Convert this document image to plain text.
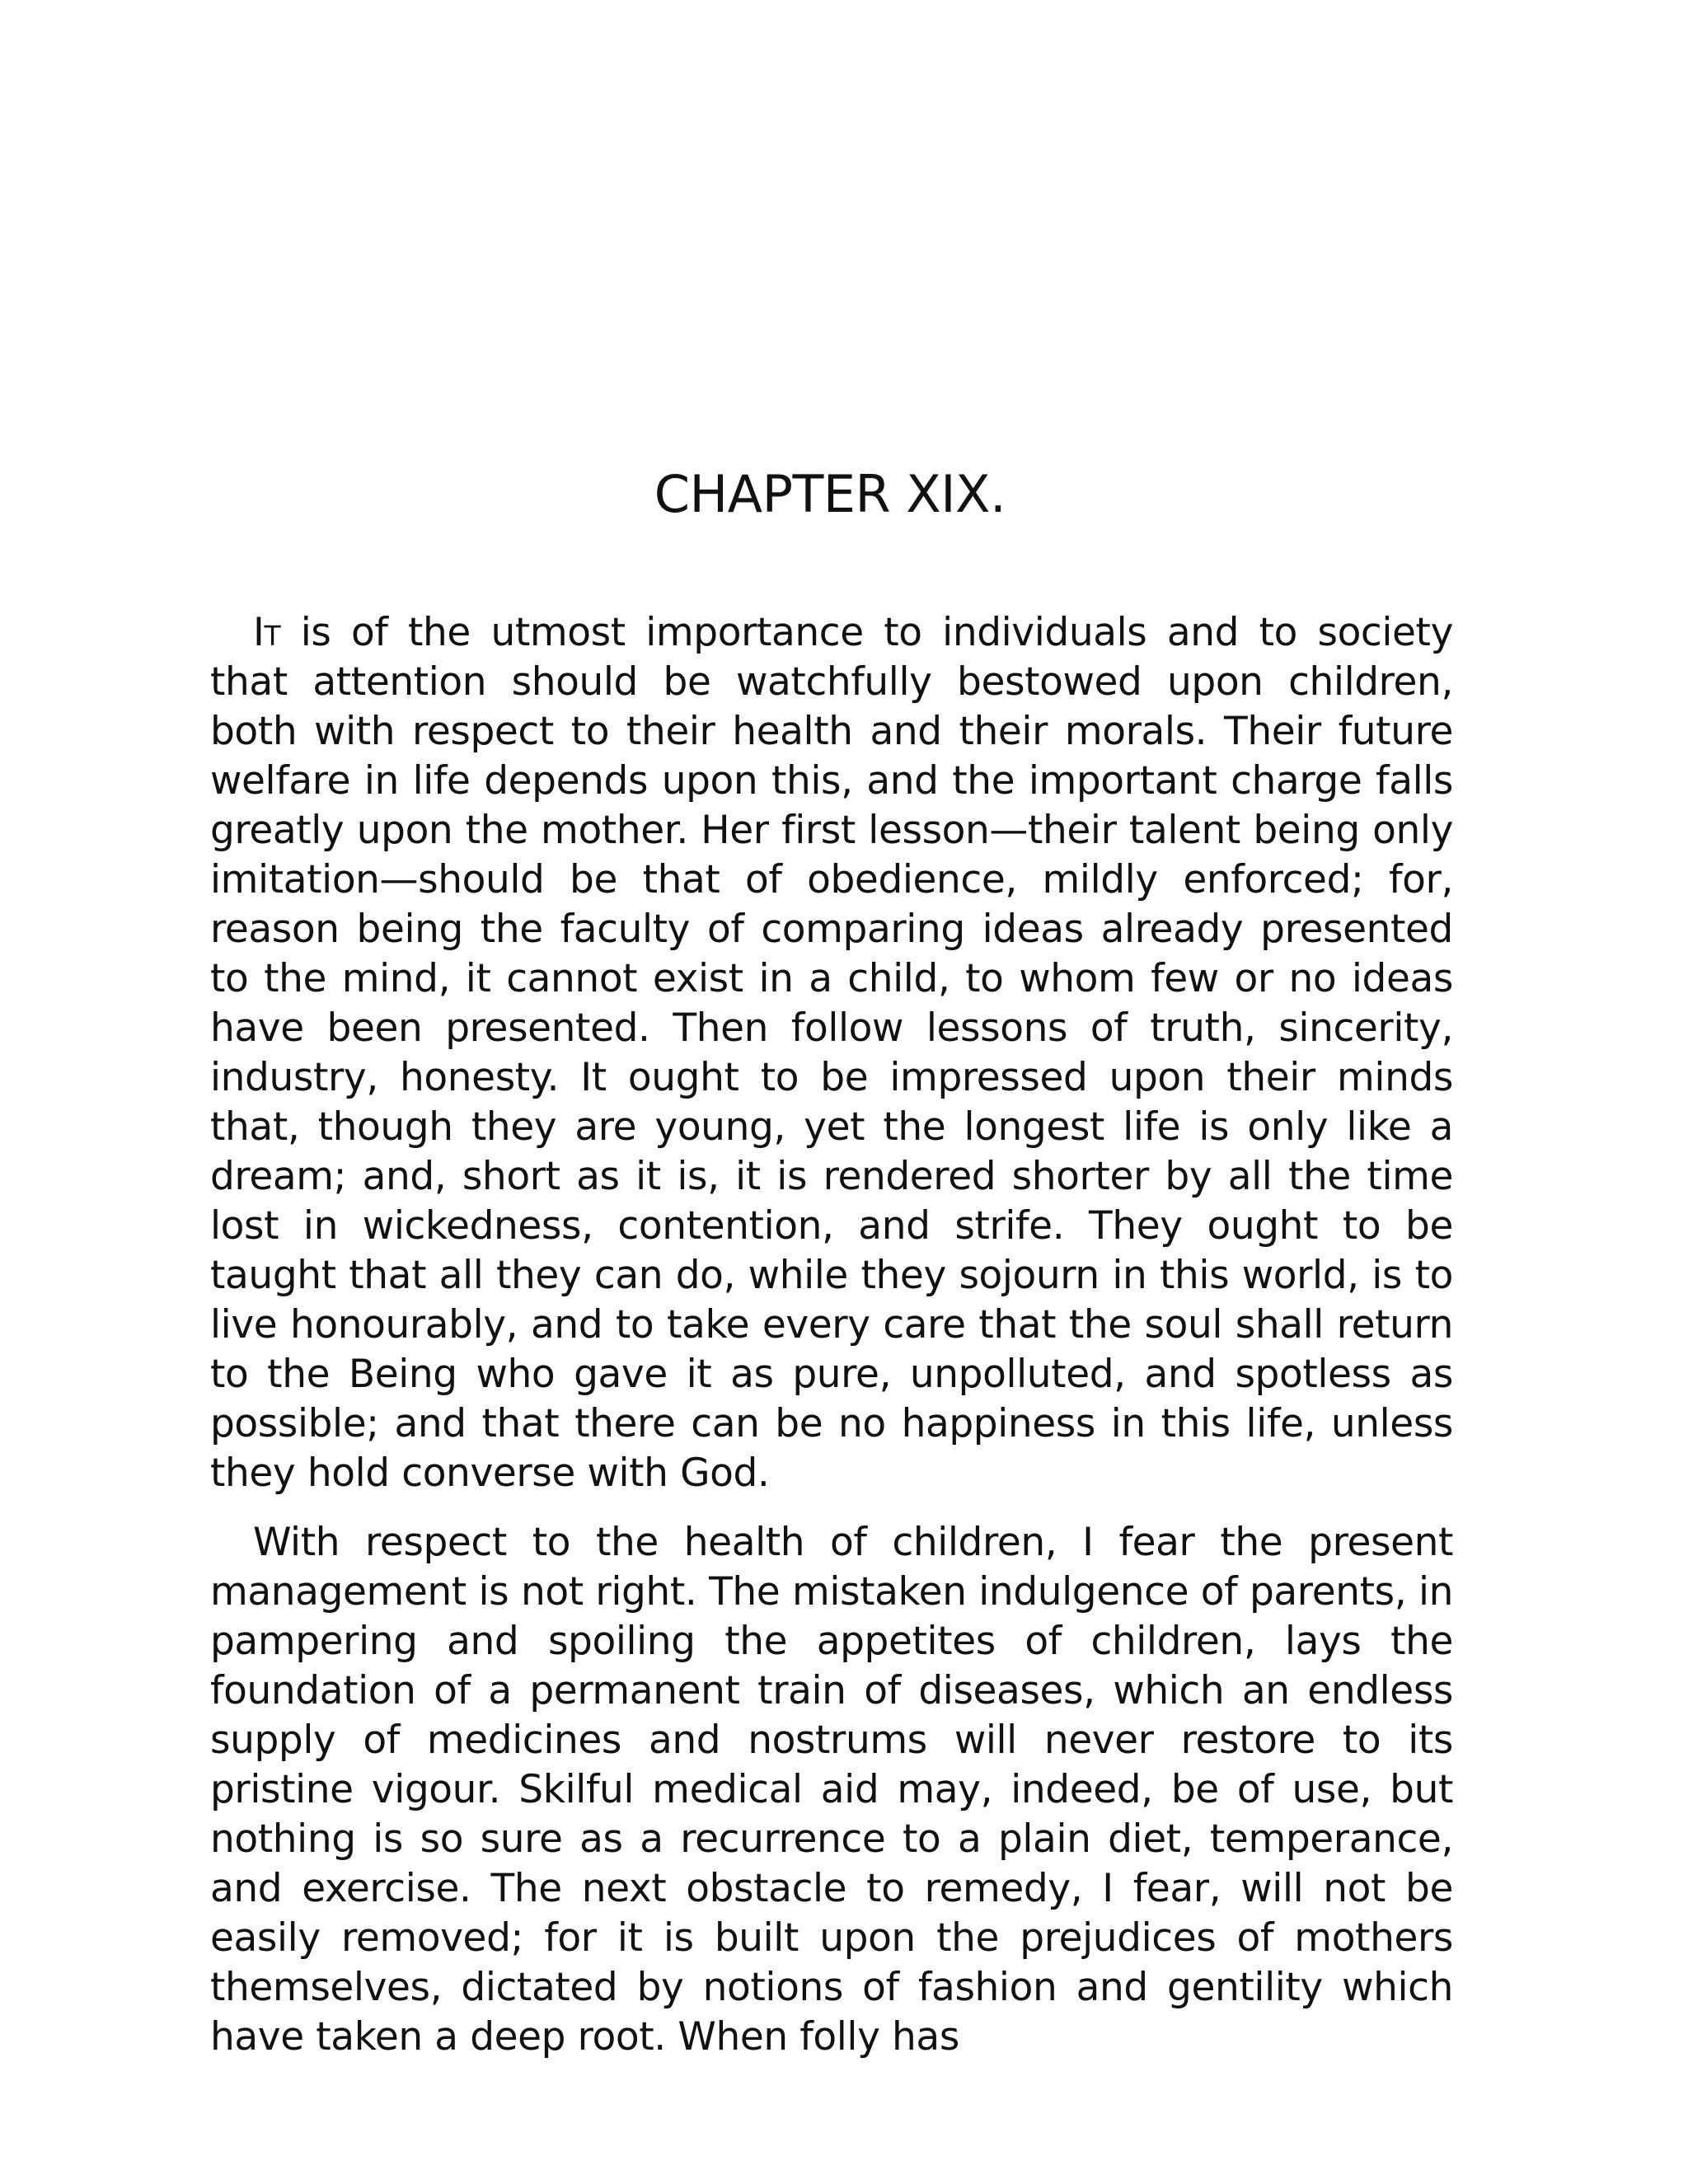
CHAPTER XIX.

It is of the utmost importance to individuals and to society that attention should be watchfully bestowed upon children, both with respect to their health and their morals. Their future welfare in life depends upon this, and the important charge falls greatly upon the mother. Her first lesson—their talent being only imitation—should be that of obedience, mildly enforced; for, reason being the faculty of comparing ideas already presented to the mind, it cannot exist in a child, to whom few or no ideas have been presented. Then follow lessons of truth, sincerity, industry, honesty. It ought to be impressed upon their minds that, though they are young, yet the longest life is only like a dream; and, short as it is, it is rendered shorter by all the time lost in wickedness, contention, and strife. They ought to be taught that all they can do, while they sojourn in this world, is to live honourably, and to take every care that the soul shall return to the Being who gave it as pure, unpolluted, and spotless as possible; and that there can be no happiness in this life, unless they hold converse with God.

With respect to the health of children, I fear the present management is not right. The mistaken indulgence of parents, in pampering and spoiling the appetites of children, lays the foundation of a permanent train of diseases, which an endless supply of medicines and nostrums will never restore to its pristine vigour. Skilful medical aid may, indeed, be of use, but nothing is so sure as a recurrence to a plain diet, temperance, and exercise. The next obstacle to remedy, I fear, will not be easily removed; for it is built upon the prejudices of mothers themselves, dictated by notions of fashion and gentility which have taken a deep root. When folly has
